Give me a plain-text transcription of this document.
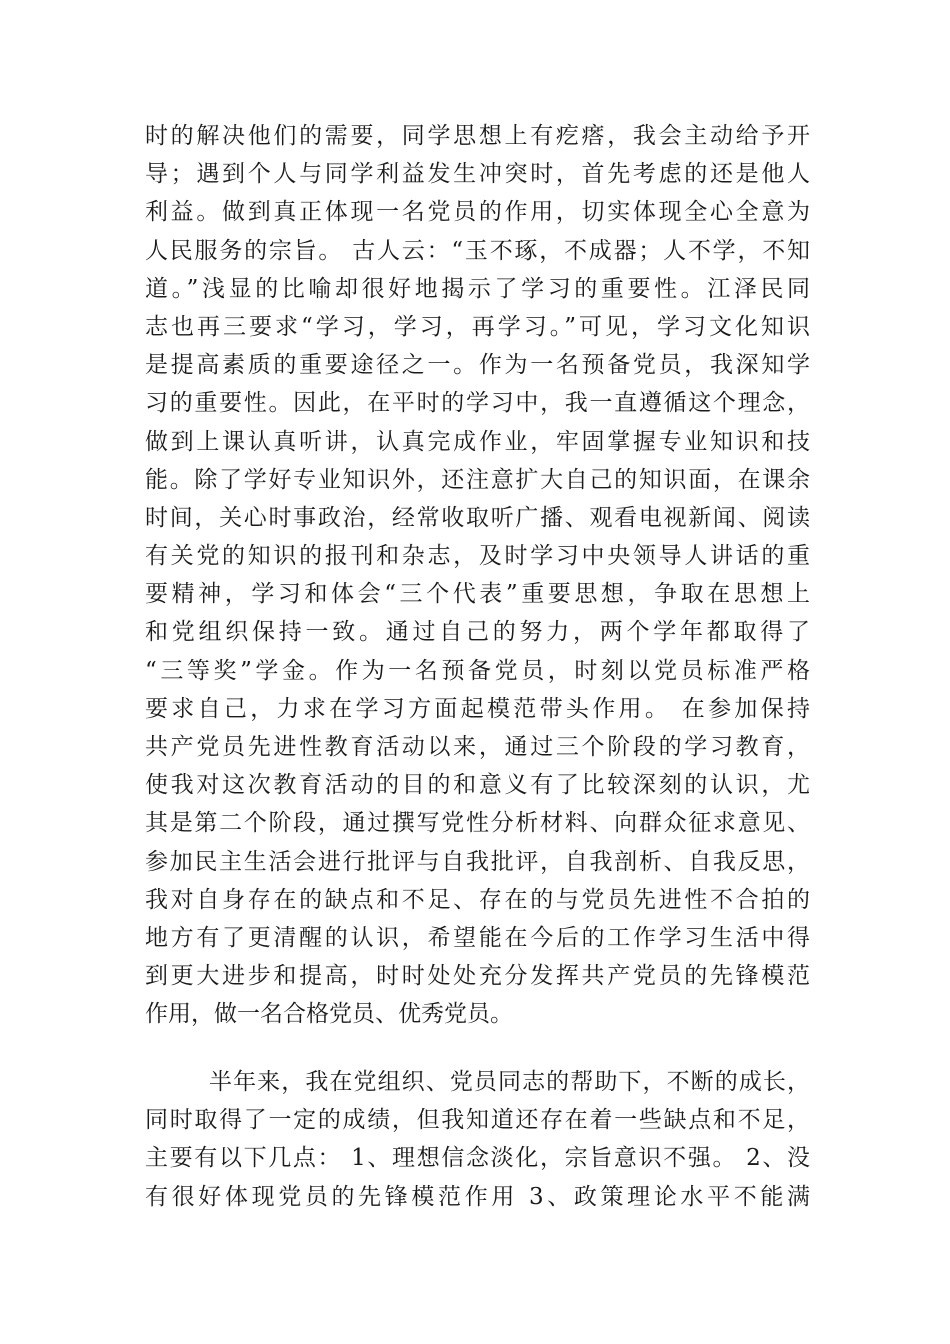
时的解决他们的需要，同学思想上有疙瘩，我会主动给予开
导；遇到个人与同学利益发生冲突时，首先考虑的还是他人
利益。做到真正体现一名党员的作用，切实体现全心全意为
人民服务的宗旨。 古人云：“玉不琢，不成器；人不学，不知
道。”浅显的比喻却很好地揭示了学习的重要性。江泽民同
志也再三要求“学习，学习，再学习。”可见，学习文化知识
是提高素质的重要途径之一。作为一名预备党员，我深知学
习的重要性。因此，在平时的学习中，我一直遵循这个理念，
做到上课认真听讲，认真完成作业，牢固掌握专业知识和技
能。除了学好专业知识外，还注意扩大自己的知识面，在课余
时间，关心时事政治，经常收取听广播、观看电视新闻、阅读
有关党的知识的报刊和杂志，及时学习中央领导人讲话的重
要精神，学习和体会“三个代表”重要思想，争取在思想上
和党组织保持一致。通过自己的努力，两个学年都取得了
“三等奖”学金。作为一名预备党员，时刻以党员标准严格
要求自己，力求在学习方面起模范带头作用。 在参加保持
共产党员先进性教育活动以来，通过三个阶段的学习教育，
使我对这次教育活动的目的和意义有了比较深刻的认识，尤
其是第二个阶段，通过撰写党性分析材料、向群众征求意见、
参加民主生活会进行批评与自我批评，自我剖析、自我反思，
我对自身存在的缺点和不足、存在的与党员先进性不合拍的
地方有了更清醒的认识，希望能在今后的工作学习生活中得
到更大进步和提高，时时处处充分发挥共产党员的先锋模范
作用，做一名合格党员、优秀党员。
半年来，我在党组织、党员同志的帮助下，不断的成长，
同时取得了一定的成绩，但我知道还存在着一些缺点和不足，
主要有以下几点： 1、理想信念淡化，宗旨意识不强。 2、没
有很好体现党员的先锋模范作用 3、政策理论水平不能满
